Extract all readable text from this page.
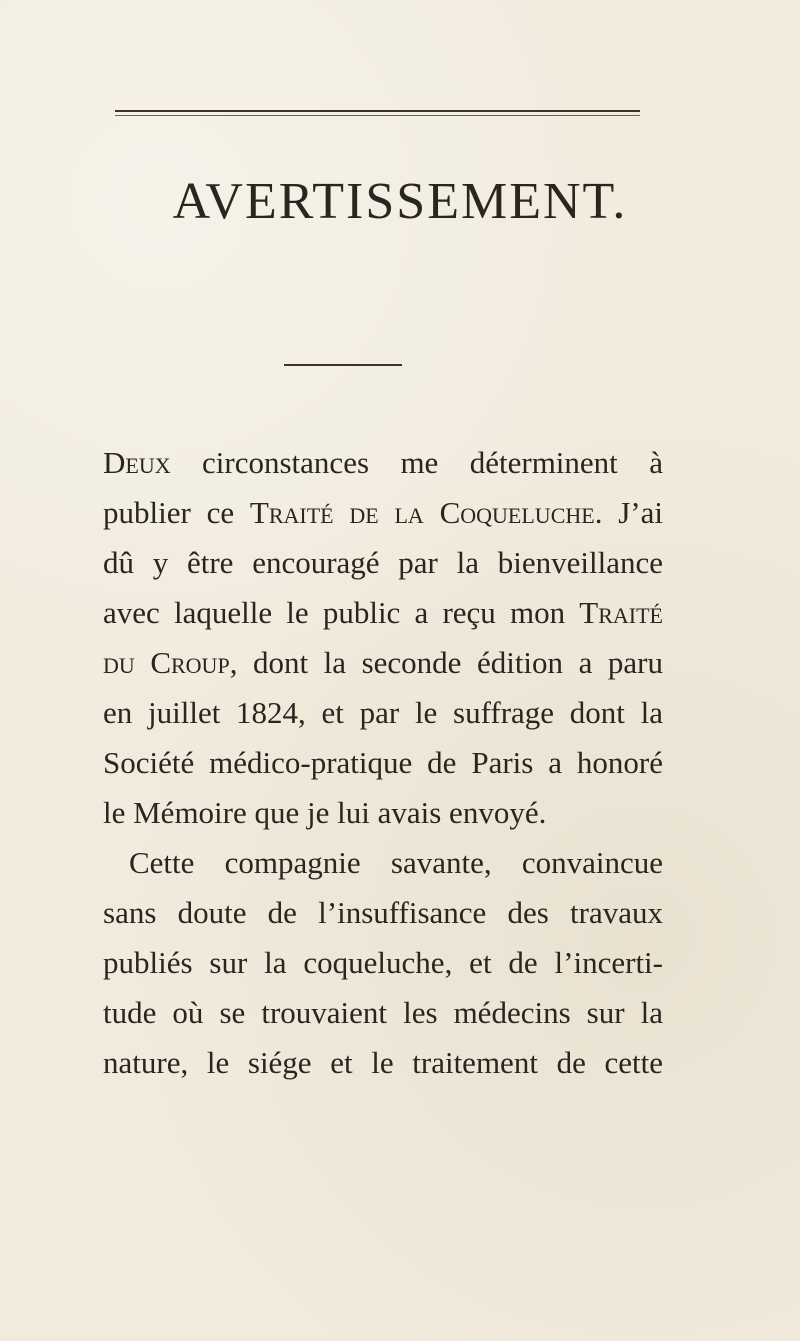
AVERTISSEMENT.
Deux circonstances me déterminent à
publier ce Traité de la Coqueluche. J’ai
dû y être encouragé par la bienveillance
avec laquelle le public a reçu mon Traité
du Croup, dont la seconde édition a paru
en juillet 1824, et par le suffrage dont la
Société médico-pratique de Paris a honoré
le Mémoire que je lui avais envoyé.
Cette compagnie savante, convaincue
sans doute de l’insuffisance des travaux
publiés sur la coqueluche, et de l’incerti-
tude où se trouvaient les médecins sur la
nature, le siége et le traitement de cette
